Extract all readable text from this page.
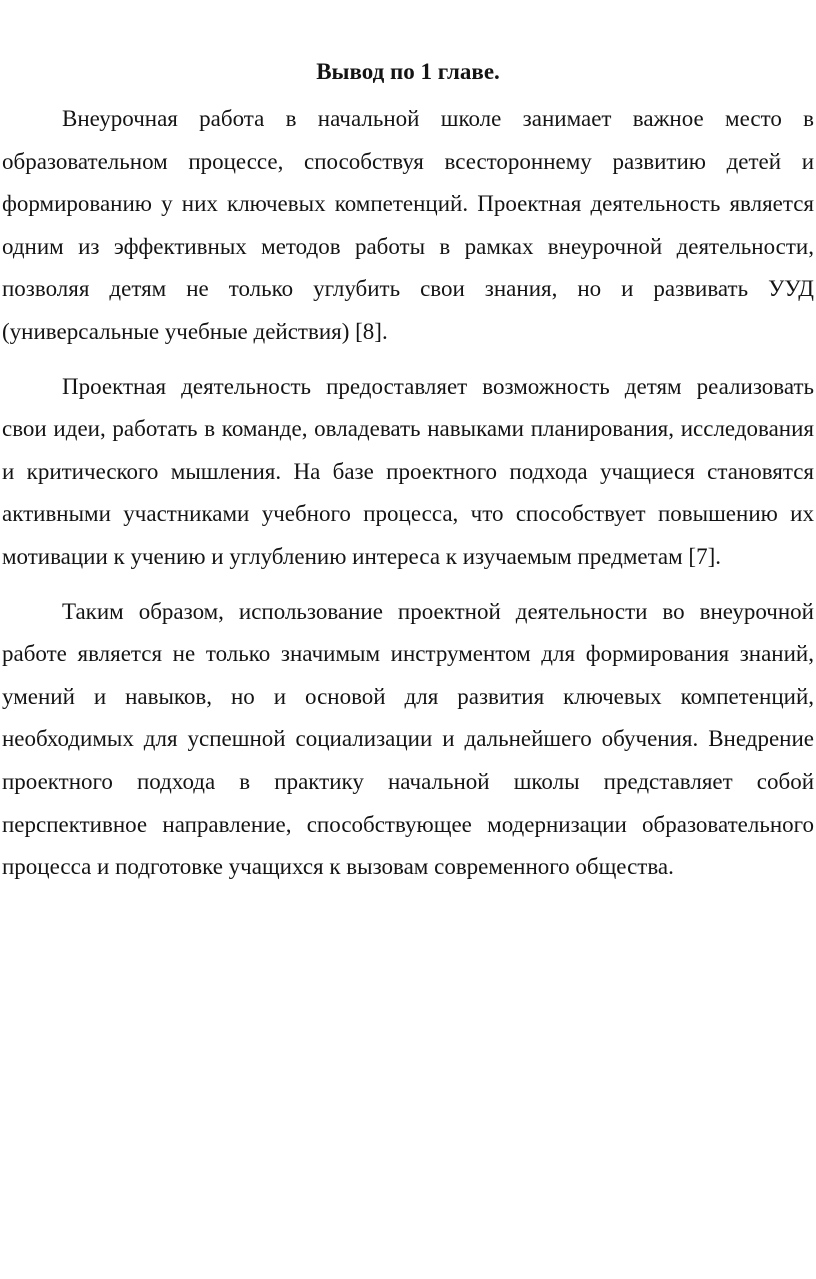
Вывод по 1 главе.

Внеурочная работа в начальной школе занимает важное место в образовательном процессе, способствуя всестороннему развитию детей и формированию у них ключевых компетенций. Проектная деятельность является одним из эффективных методов работы в рамках внеурочной деятельности, позволяя детям не только углубить свои знания, но и развивать УУД (универсальные учебные действия) [8].

Проектная деятельность предоставляет возможность детям реализовать свои идеи, работать в команде, овладевать навыками планирования, исследования и критического мышления. На базе проектного подхода учащиеся становятся активными участниками учебного процесса, что способствует повышению их мотивации к учению и углублению интереса к изучаемым предметам [7].

Таким образом, использование проектной деятельности во внеурочной работе является не только значимым инструментом для формирования знаний, умений и навыков, но и основой для развития ключевых компетенций, необходимых для успешной социализации и дальнейшего обучения. Внедрение проектного подхода в практику начальной школы представляет собой перспективное направление, способствующее модернизации образовательного процесса и подготовке учащихся к вызовам современного общества.
